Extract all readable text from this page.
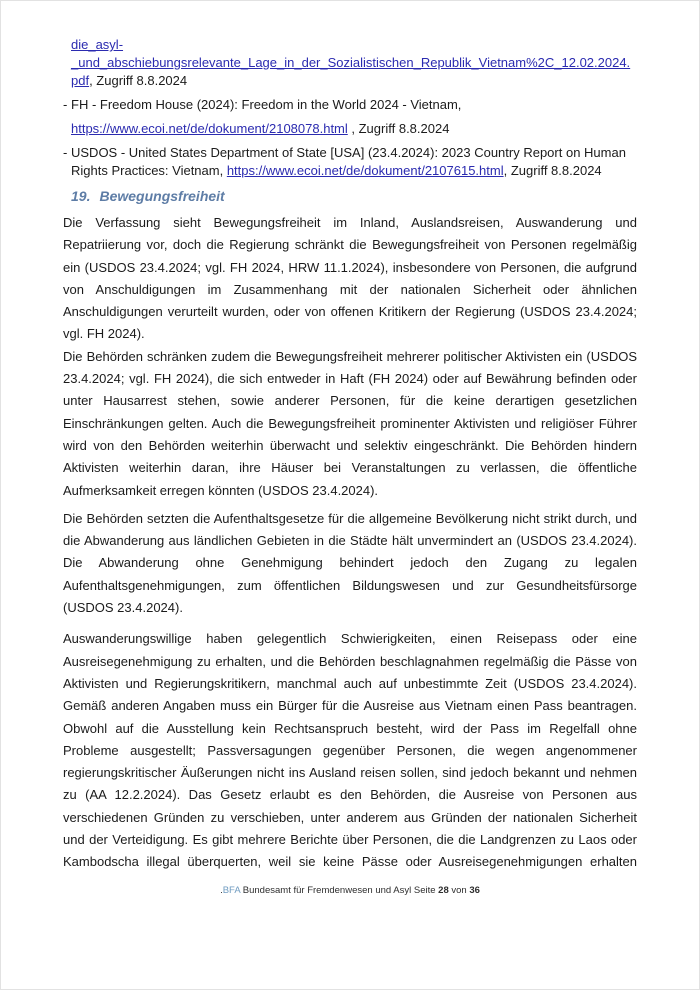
die_asyl-
_und_abschiebungsrelevante_Lage_in_der_Sozialistischen_Republik_Vietnam%2C_12.02.2024.
pdf, Zugriff 8.8.2024
- FH - Freedom House (2024): Freedom in the World 2024 - Vietnam,
https://www.ecoi.net/de/dokument/2108078.html , Zugriff 8.8.2024
- USDOS - United States Department of State [USA] (23.4.2024): 2023 Country Report on Human
Rights Practices: Vietnam, https://www.ecoi.net/de/dokument/2107615.html, Zugriff 8.8.2024
19. Bewegungsfreiheit
Die Verfassung sieht Bewegungsfreiheit im Inland, Auslandsreisen, Auswanderung und
Repatriierung vor, doch die Regierung schränkt die Bewegungsfreiheit von Personen regelmäßig
ein (USDOS 23.4.2024; vgl. FH 2024, HRW 11.1.2024), insbesondere von Personen, die aufgrund
von Anschuldigungen im Zusammenhang mit der nationalen Sicherheit oder ähnlichen
Anschuldigungen verurteilt wurden, oder von offenen Kritikern der Regierung (USDOS 23.4.2024;
vgl. FH 2024).
Die Behörden schränken zudem die Bewegungsfreiheit mehrerer politischer Aktivisten ein (USDOS
23.4.2024; vgl. FH 2024), die sich entweder in Haft (FH 2024) oder auf Bewährung befinden oder
unter Hausarrest stehen, sowie anderer Personen, für die keine derartigen gesetzlichen
Einschränkungen gelten. Auch die Bewegungsfreiheit prominenter Aktivisten und religiöser Führer
wird von den Behörden weiterhin überwacht und selektiv eingeschränkt. Die Behörden hindern
Aktivisten weiterhin daran, ihre Häuser bei Veranstaltungen zu verlassen, die öffentliche
Aufmerksamkeit erregen könnten (USDOS 23.4.2024).
Die Behörden setzten die Aufenthaltsgesetze für die allgemeine Bevölkerung nicht strikt durch, und
die Abwanderung aus ländlichen Gebieten in die Städte hält unvermindert an (USDOS 23.4.2024).
Die Abwanderung ohne Genehmigung behindert jedoch den Zugang zu legalen
Aufenthaltsgenehmigungen, zum öffentlichen Bildungswesen und zur Gesundheitsfürsorge
(USDOS 23.4.2024).
Auswanderungswillige haben gelegentlich Schwierigkeiten, einen Reisepass oder eine
Ausreisegenehmigung zu erhalten, und die Behörden beschlagnahmen regelmäßig die Pässe von
Aktivisten und Regierungskritikern, manchmal auch auf unbestimmte Zeit (USDOS 23.4.2024).
Gemäß anderen Angaben muss ein Bürger für die Ausreise aus Vietnam einen Pass beantragen.
Obwohl auf die Ausstellung kein Rechtsanspruch besteht, wird der Pass im Regelfall ohne
Probleme ausgestellt; Passversagungen gegenüber Personen, die wegen angenommener
regierungskritischer Äußerungen nicht ins Ausland reisen sollen, sind jedoch bekannt und nehmen
zu (AA 12.2.2024). Das Gesetz erlaubt es den Behörden, die Ausreise von Personen aus
verschiedenen Gründen zu verschieben, unter anderem aus Gründen der nationalen Sicherheit
und der Verteidigung. Es gibt mehrere Berichte über Personen, die die Landgrenzen zu Laos oder
Kambodscha illegal überquerten, weil sie keine Pässe oder Ausreisegenehmigungen erhalten
.BFA Bundesamt für Fremdenwesen und Asyl Seite 28 von 36
